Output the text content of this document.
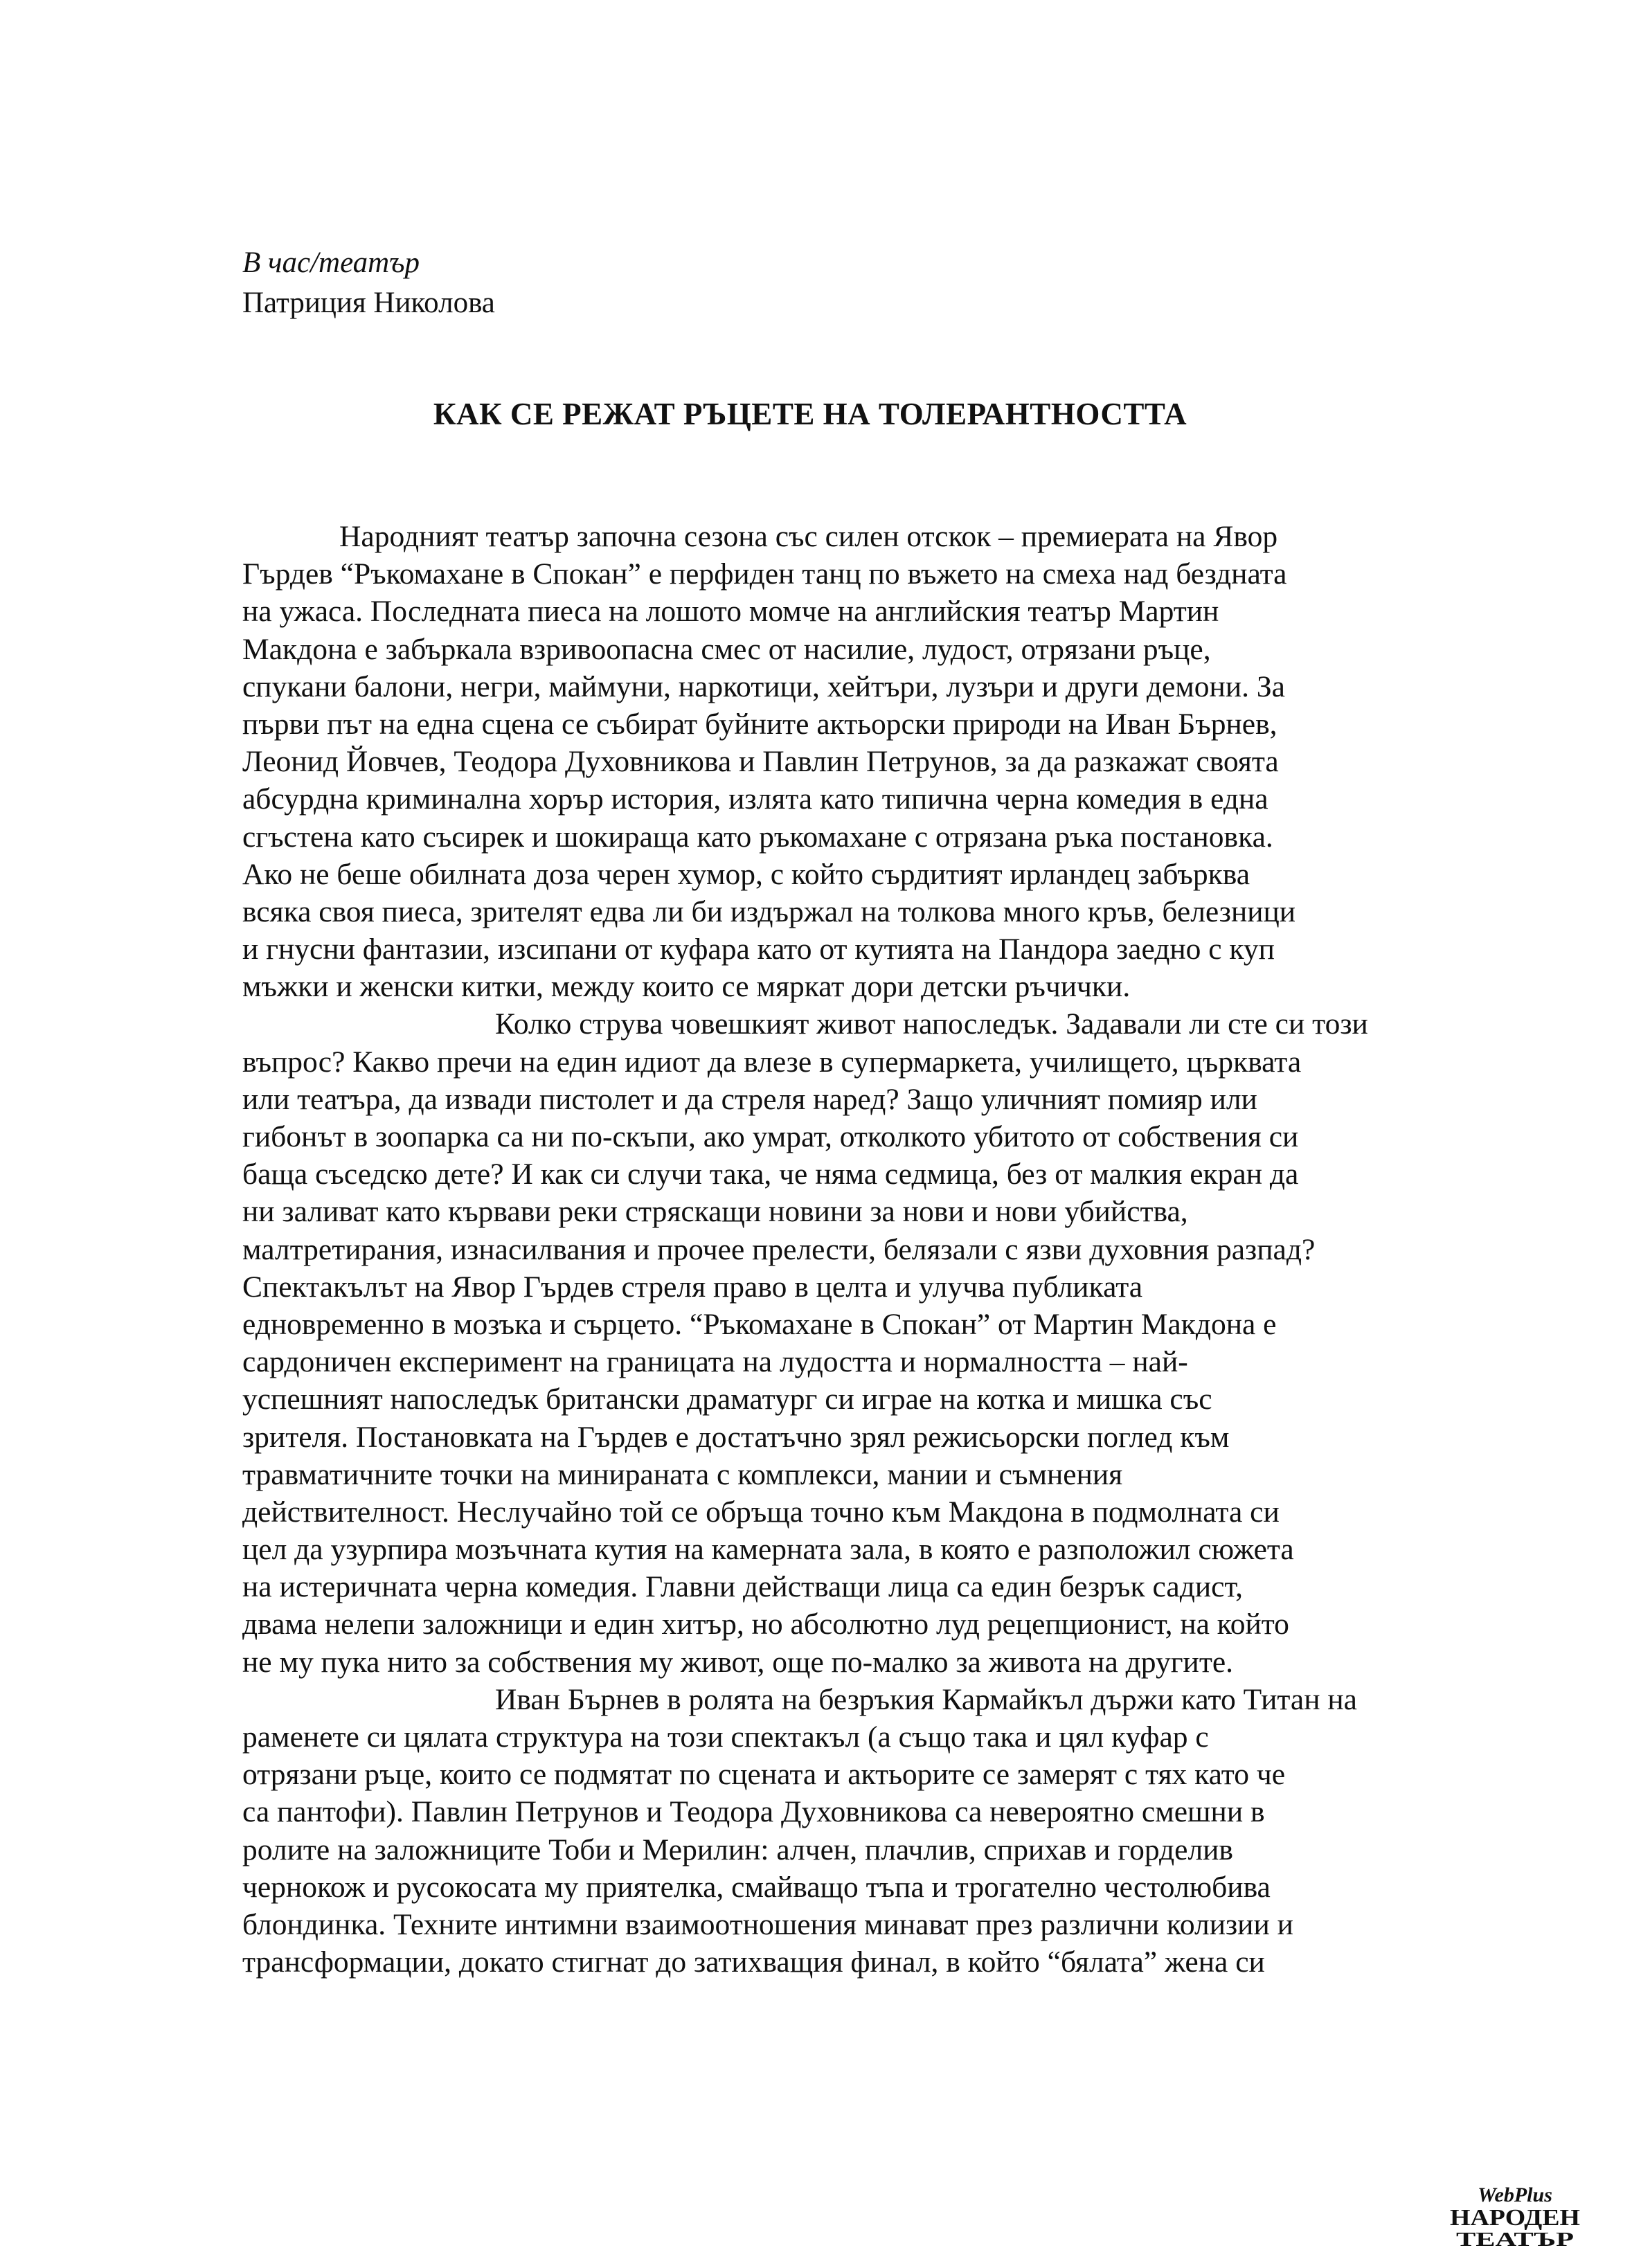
В час/театър
Патриция Николова
КАК СЕ РЕЖАТ РЪЦЕТЕ НА ТОЛЕРАНТНОСТТА
Народният театър започна сезона със силен отскок – премиерата на Явор
Гърдев “Ръкомахане в Спокан” е перфиден танц по въжето на смеха над бездната
на ужаса. Последната пиеса на лошото момче на английския театър Мартин
Макдона е забъркала взривоопасна смес от насилие, лудост, отрязани ръце,
спукани балони, негри, маймуни, наркотици, хейтъри, лузъри и други демони. За
първи път на една сцена се събират буйните актьорски природи на Иван Бърнев,
Леонид Йовчев, Теодора Духовникова и Павлин Петрунов, за да разкажат своята
абсурдна криминална хорър история, излята като типична черна комедия в една
сгъстена като съсирек и шокираща като ръкомахане с отрязана ръка постановка.
Ако не беше обилната доза черен хумор, с който сърдитият ирландец забърква
всяка своя пиеса, зрителят едва ли би издържал на толкова много кръв, белезници
и гнусни фантазии, изсипани от куфара като от кутията на Пандора заедно с куп
мъжки и женски китки, между които се мяркат дори детски ръчички.
Колко струва човешкият живот напоследък. Задавали ли сте си този
въпрос? Какво пречи на един идиот да влезе в супермаркета, училището, църквата
или театъра, да извади пистолет и да стреля наред? Защо уличният помияр или
гибонът в зоопарка са ни по-скъпи, ако умрат, отколкото убитото от собствения си
баща съседско дете? И как си случи така, че няма седмица, без от малкия екран да
ни заливат като кървави реки стряскащи новини за нови и нови убийства,
малтретирания, изнасилвания и прочее прелести, белязали с язви духовния разпад?
Спектакълът на Явор Гърдев стреля право в целта и улучва публиката
едновременно в мозъка и сърцето. “Ръкомахане в Спокан” от Мартин Макдона е
сардоничен експеримент на границата на лудостта и нормалността – най-
успешният напоследък британски драматург си играе на котка и мишка със
зрителя. Постановката на Гърдев е достатъчно зрял режисьорски поглед към
травматичните точки на минираната с комплекси, мании и съмнения
действителност. Неслучайно той се обръща точно към Макдона в подмолната си
цел да узурпира мозъчната кутия на камерната зала, в която е разположил сюжета
на истеричната черна комедия. Главни действащи лица са един безрък садист,
двама нелепи заложници и един хитър, но абсолютно луд рецепционист, на който
не му пука нито за собствения му живот, още по-малко за живота на другите.
Иван Бърнев в ролята на безръкия Кармайкъл държи като Титан на
раменете си цялата структура на този спектакъл (а също така и цял куфар с
отрязани ръце, които се подмятат по сцената и актьорите се замерят с тях като че
са пантофи). Павлин Петрунов и Теодора Духовникова са невероятно смешни в
ролите на заложниците Тоби и Мерилин: алчен, плачлив, сприхав и горделив
чернокож и русокосата му приятелка, смайващо тъпа и трогателно честолюбива
блондинка. Техните интимни взаимоотношения минават през различни колизии и
трансформации, докато стигнат до затихващия финал, в който “бялата” жена си
WebPlus
НАРОДЕН
ТЕАТЪР
